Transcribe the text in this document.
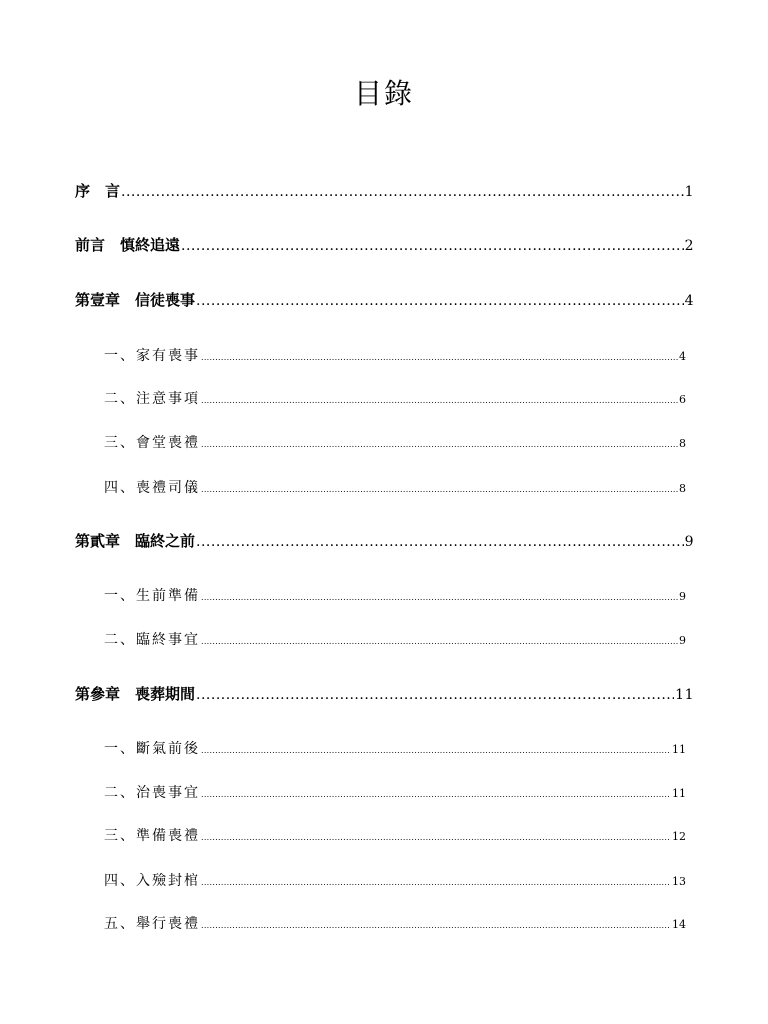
目錄
序　言 .....	1
前言　慎終追遠 .....	2
第壹章　信徒喪事 .....	4
一、家有喪事 .....	4
二、注意事項 .....	6
三、會堂喪禮 .....	8
四、喪禮司儀 .....	8
第貳章　臨終之前 .....	9
一、生前準備 .....	9
二、臨終事宜 .....	9
第參章　喪葬期間 .....	11
一、斷氣前後 .....	11
二、治喪事宜 .....	11
三、準備喪禮 .....	12
四、入殮封棺 .....	13
五、舉行喪禮 .....	14
